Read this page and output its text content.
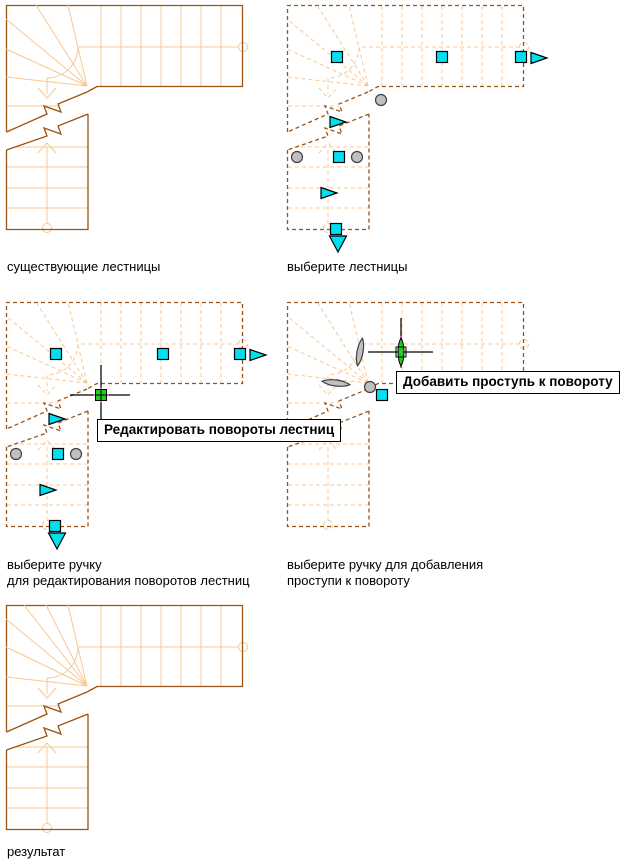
существующие лестницы	выберите лестницы
Редактировать повороты лестниц
выберите ручку
для редактирования поворотов лестниц
Добавить проступь к повороту
выберите ручку для добавления
проступи к повороту
результат
